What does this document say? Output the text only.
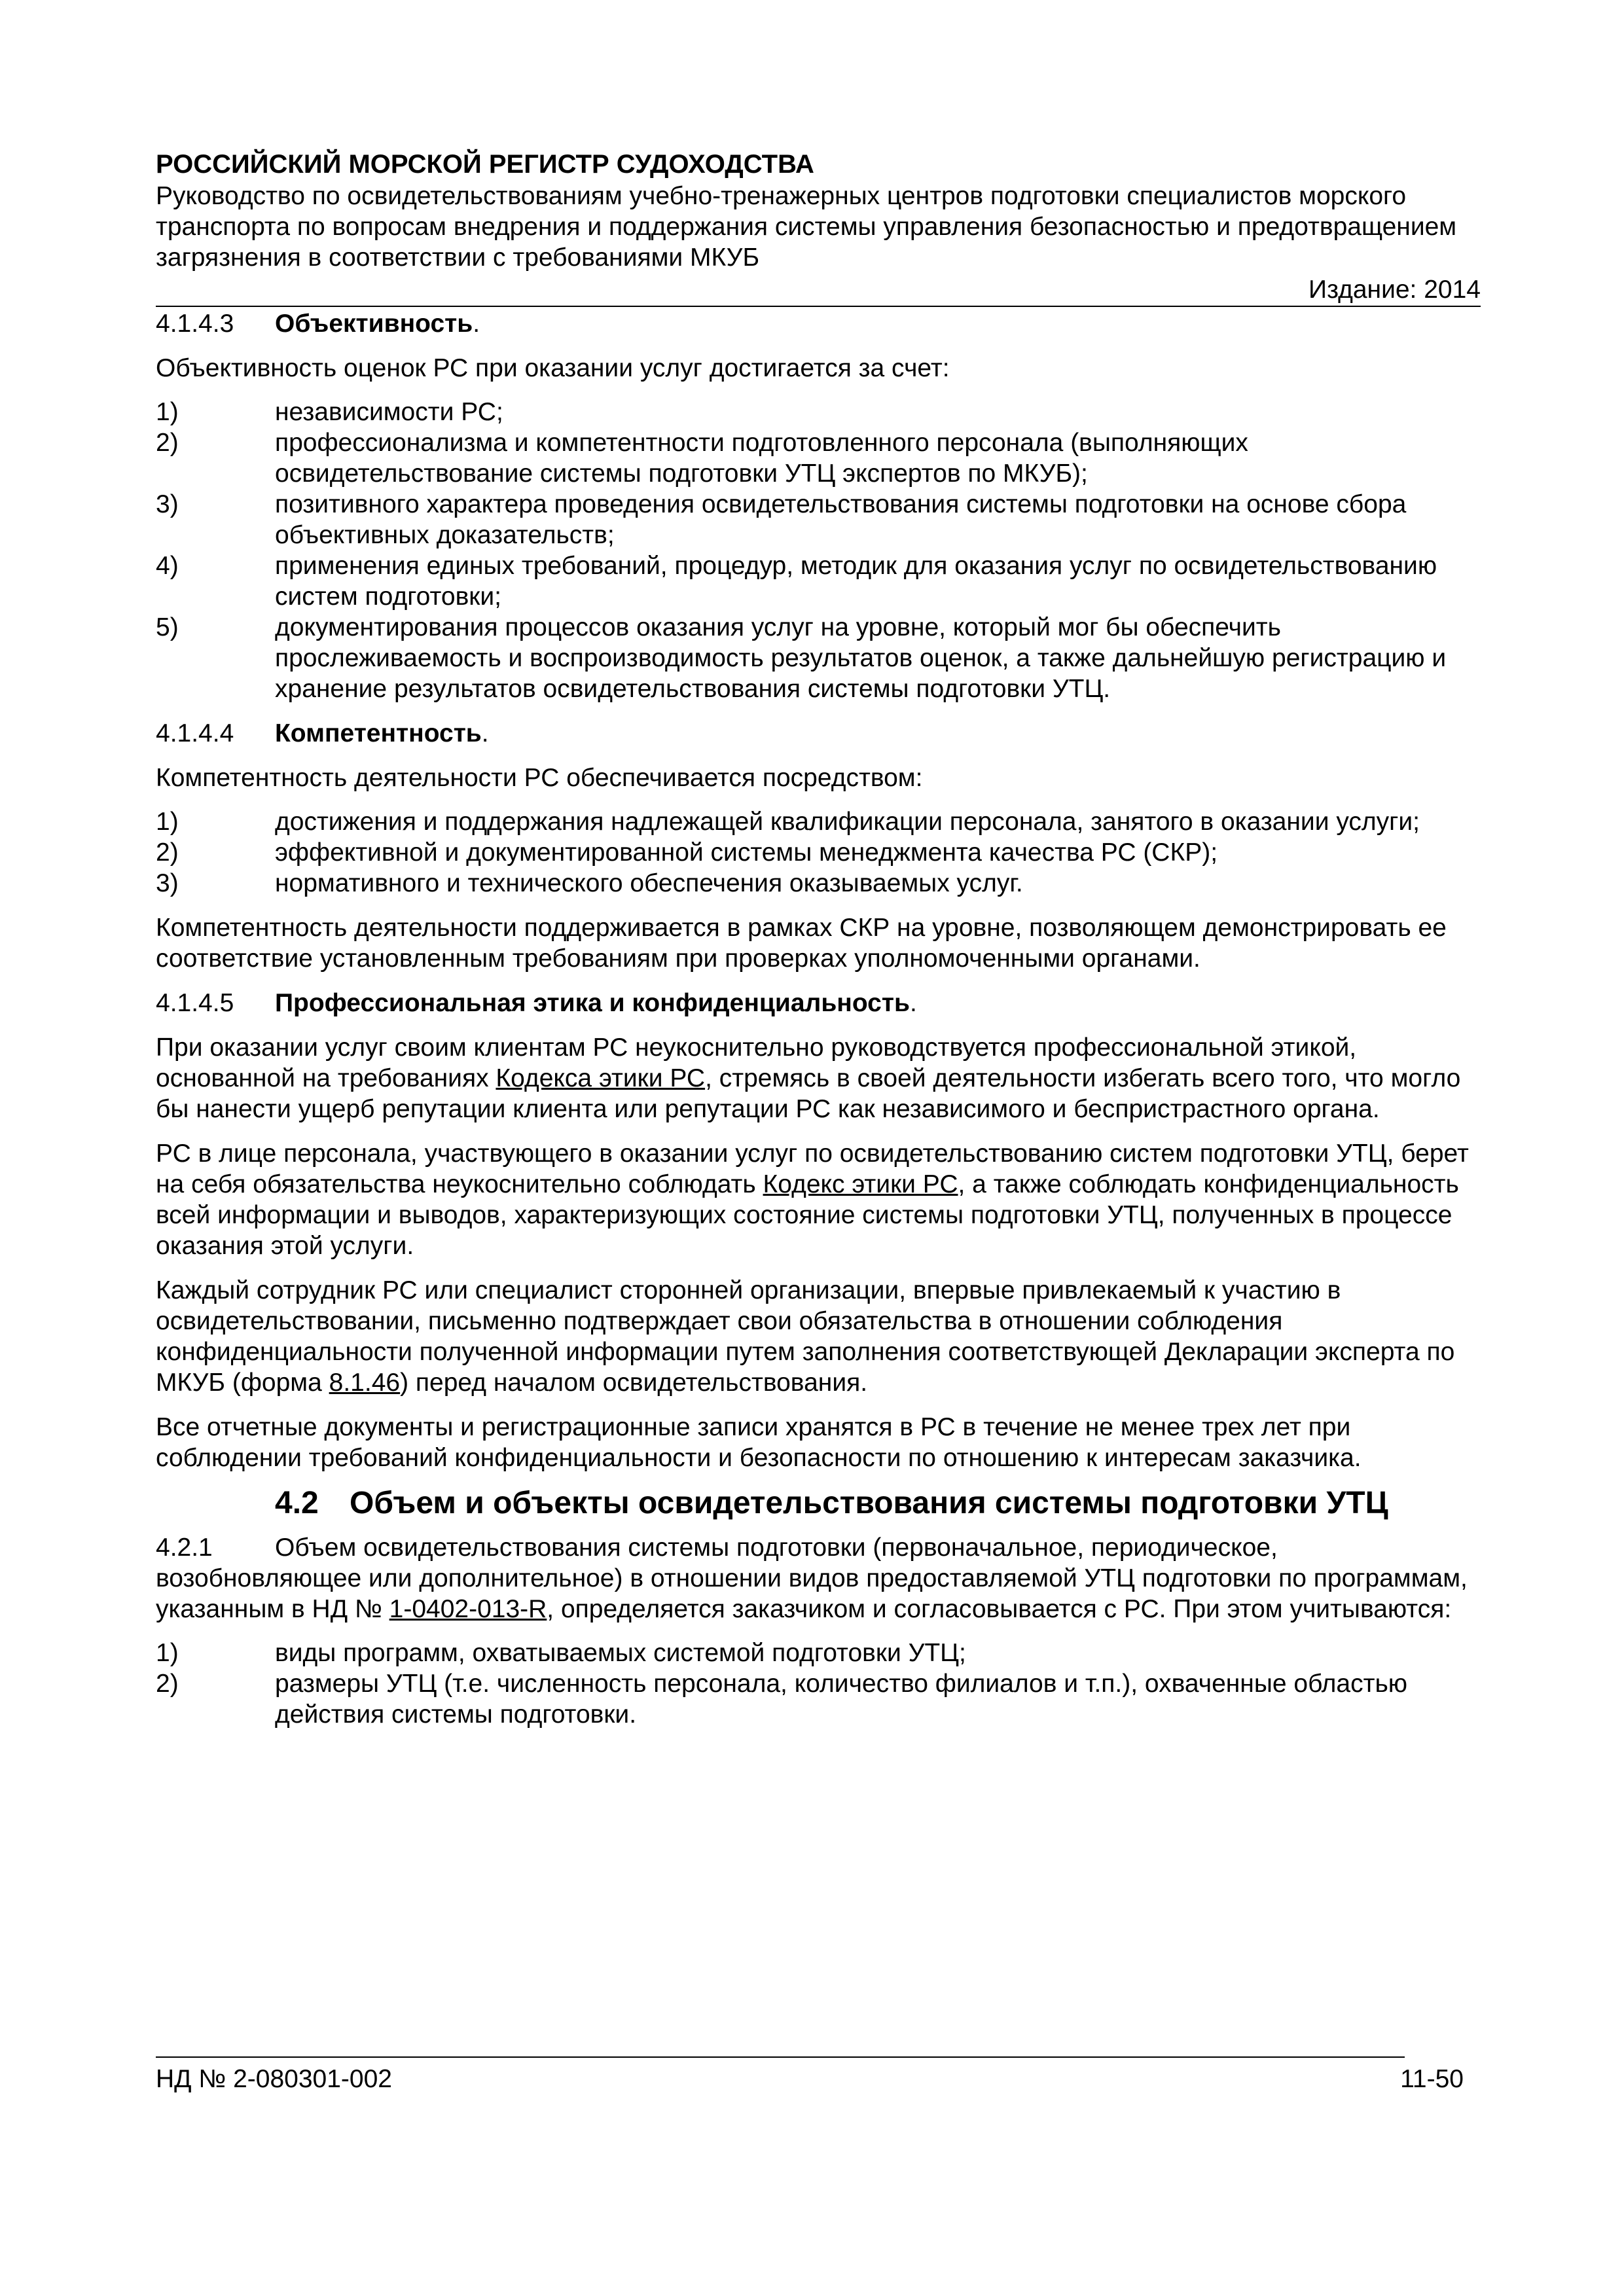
РОССИЙСКИЙ МОРСКОЙ РЕГИСТР СУДОХОДСТВА
Руководство по освидетельствованиям учебно-тренажерных центров подготовки специалистов морского транспорта по вопросам внедрения и поддержания системы управления безопасностью и предотвращением загрязнения в соответствии с требованиями МКУБ
Издание: 2014
4.1.4.3 Объективность.
Объективность оценок РС при оказании услуг достигается за счет:
1)	независимости РС;
2)	профессионализма и компетентности подготовленного персонала (выполняющих освидетельствование системы подготовки УТЦ экспертов по МКУБ);
3)	позитивного характера проведения освидетельствования системы подготовки на основе сбора объективных доказательств;
4)	применения единых требований, процедур, методик для оказания услуг по освидетельствованию систем подготовки;
5)	документирования процессов оказания услуг на уровне, который мог бы обеспечить прослеживаемость и воспроизводимость результатов оценок, а также дальнейшую регистрацию и хранение результатов освидетельствования системы подготовки УТЦ.
4.1.4.4 Компетентность.
Компетентность деятельности РС обеспечивается посредством:
1)	достижения и поддержания надлежащей квалификации персонала, занятого в оказании услуги;
2)	эффективной и документированной системы менеджмента качества РС (СКР);
3)	нормативного и технического обеспечения оказываемых услуг.
Компетентность деятельности поддерживается в рамках СКР на уровне, позволяющем демонстрировать ее соответствие установленным требованиям при проверках уполномоченными органами.
4.1.4.5 Профессиональная этика и конфиденциальность.
При оказании услуг своим клиентам РС неукоснительно руководствуется профессиональной этикой, основанной на требованиях Кодекса этики РС, стремясь в своей деятельности избегать всего того, что могло бы нанести ущерб репутации клиента или репутации РС как независимого и беспристрастного органа.
РС в лице персонала, участвующего в оказании услуг по освидетельствованию систем подготовки УТЦ, берет на себя обязательства неукоснительно соблюдать Кодекс этики РС, а также соблюдать конфиденциальность всей информации и выводов, характеризующих состояние системы подготовки УТЦ, полученных в процессе оказания этой услуги.
Каждый сотрудник РС или специалист сторонней организации, впервые привлекаемый к участию в освидетельствовании, письменно подтверждает свои обязательства в отношении соблюдения конфиденциальности полученной информации путем заполнения соответствующей Декларации эксперта по МКУБ (форма 8.1.46) перед началом освидетельствования.
Все отчетные документы и регистрационные записи хранятся в РС в течение не менее трех лет при соблюдении требований конфиденциальности и безопасности по отношению к интересам заказчика.
4.2 Объем и объекты освидетельствования системы подготовки УТЦ
4.2.1 Объем освидетельствования системы подготовки (первоначальное, периодическое, возобновляющее или дополнительное) в отношении видов предоставляемой УТЦ подготовки по программам, указанным в НД № 1-0402-013-R, определяется заказчиком и согласовывается с РС. При этом учитываются:
1)	виды программ, охватываемых системой подготовки УТЦ;
2)	размеры УТЦ (т.е. численность персонала, количество филиалов и т.п.), охваченные областью действия системы подготовки.
НД № 2-080301-002	11-50
